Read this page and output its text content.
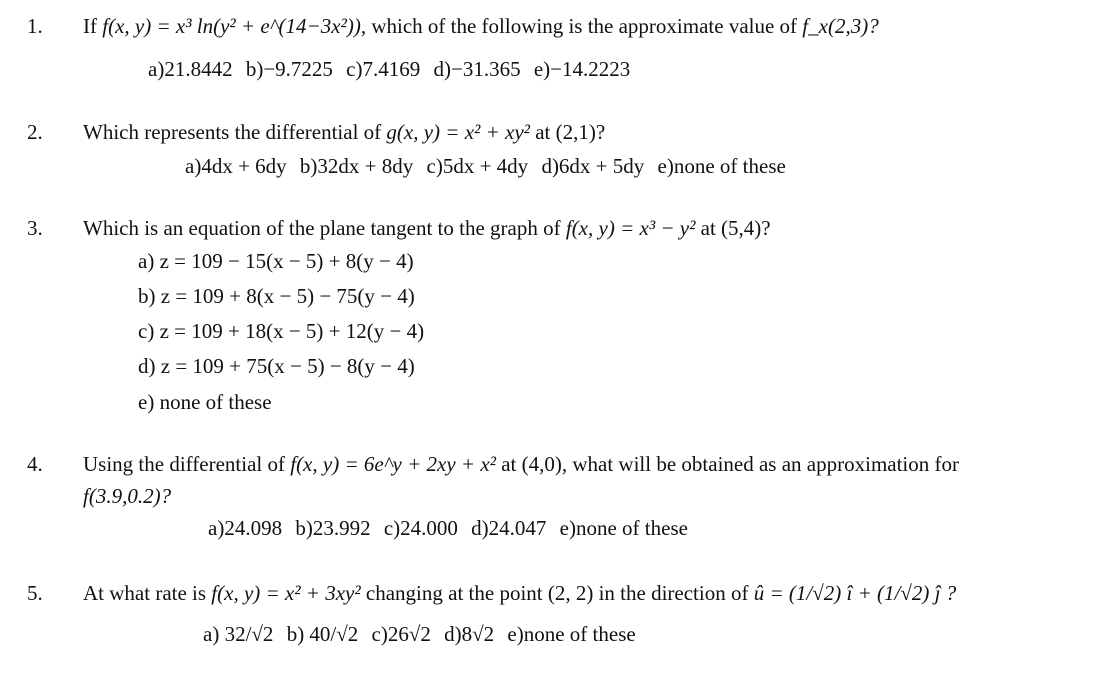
1. If f(x, y) = x³ ln(y² + e^(14−3x²)), which of the following is the approximate value of f_x(2,3)?
a)21.8442 b)−9.7225 c)7.4169 d)−31.365 e)−14.2223
2. Which represents the differential of g(x, y) = x² + xy² at (2,1)?
a)4dx + 6dy b)32dx + 8dy c)5dx + 4dy d)6dx + 5dy e)none of these
3. Which is an equation of the plane tangent to the graph of f(x, y) = x³ − y² at (5,4)?
a) z = 109 − 15(x − 5) + 8(y − 4)
b) z = 109 + 8(x − 5) − 75(y − 4)
c) z = 109 + 18(x − 5) + 12(y − 4)
d) z = 109 + 75(x − 5) − 8(y − 4)
e) none of these
4. Using the differential of f(x, y) = 6e^y + 2xy + x² at (4,0), what will be obtained as an approximation for
f(3.9,0.2)?
a)24.098 b)23.992 c)24.000 d)24.047 e)none of these
5. At what rate is f(x, y) = x² + 3xy² changing at the point (2, 2) in the direction of û = (1/√2) î + (1/√2) ĵ ?
a) 32/√2 b) 40/√2 c)26√2 d)8√2 e)none of these
